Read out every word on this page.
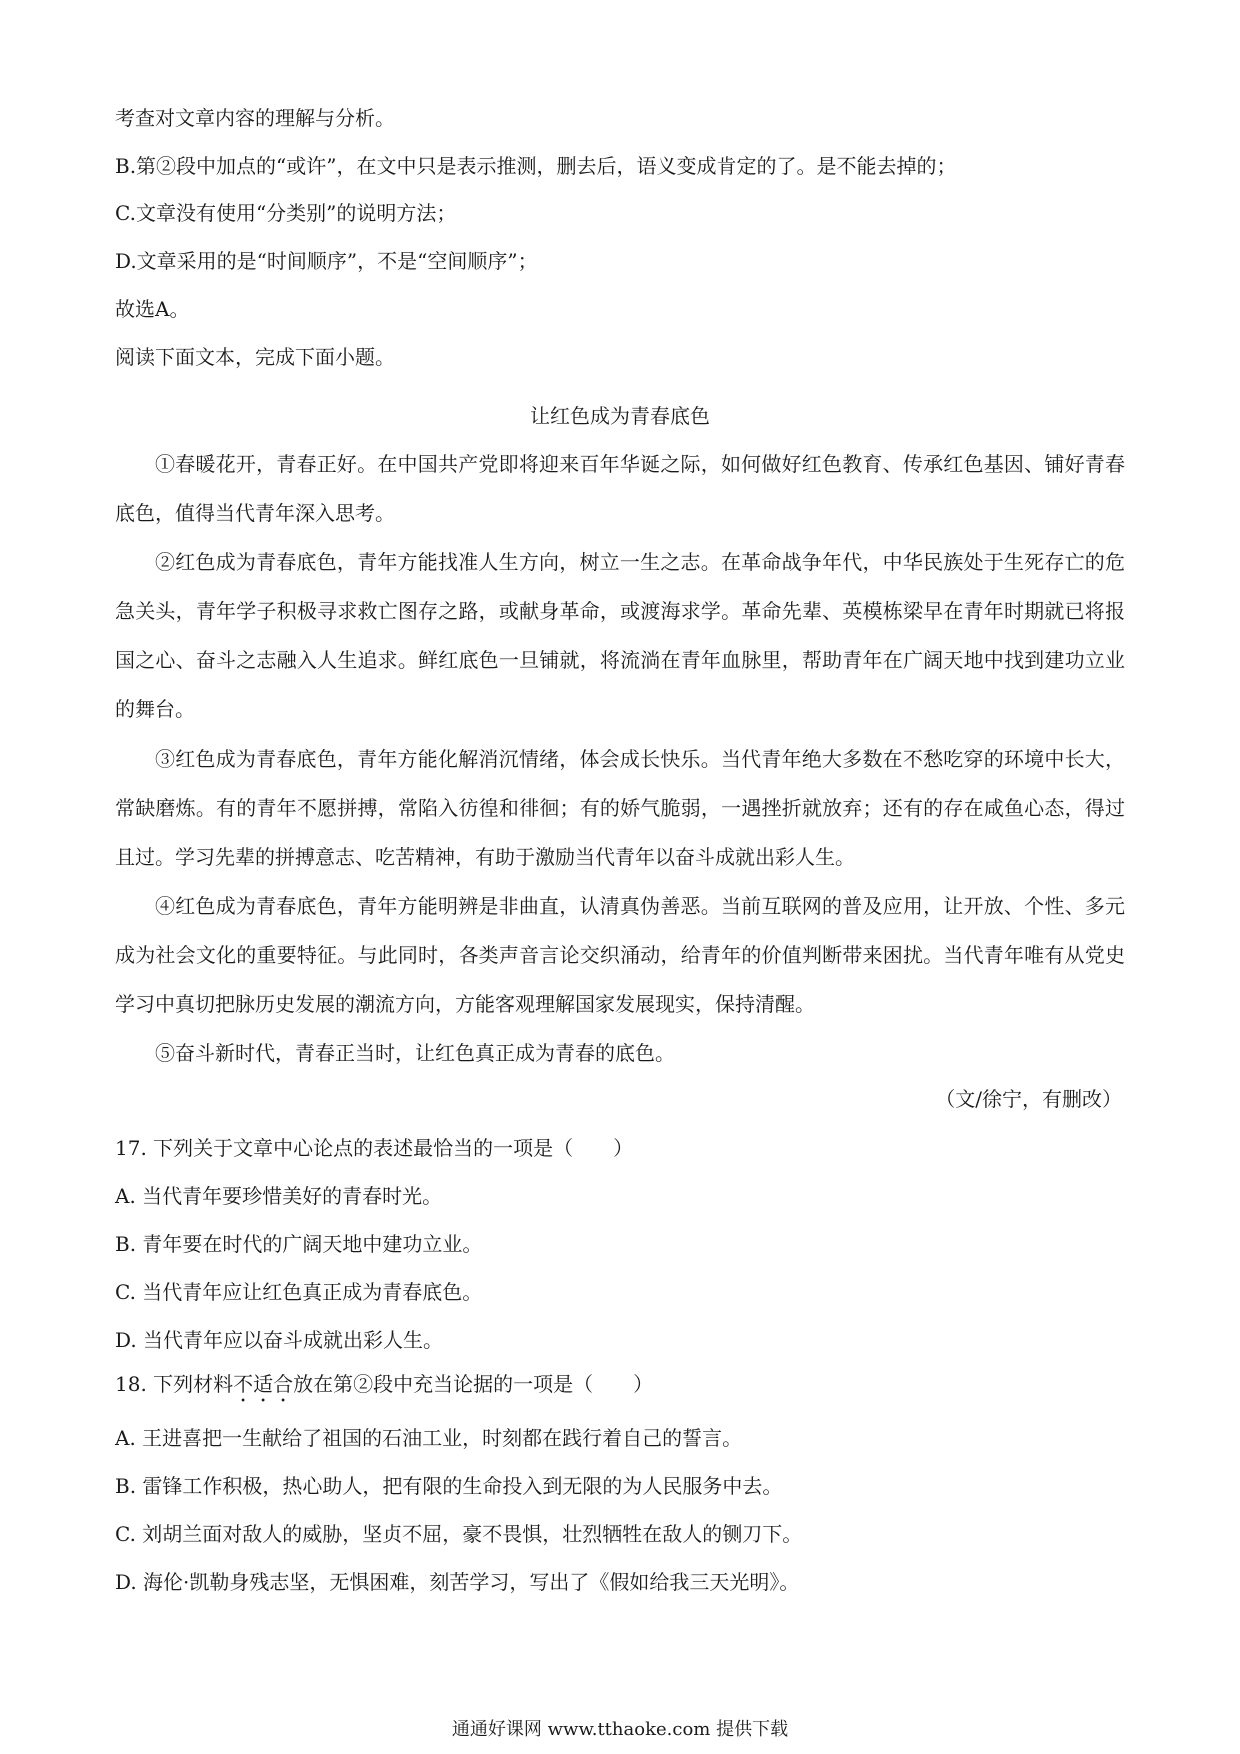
考查对文章内容的理解与分析。
B.第②段中加点的“或许”，在文中只是表示推测，删去后，语义变成肯定的了。是不能去掉的；
C.文章没有使用“分类别”的说明方法；
D.文章采用的是“时间顺序”，不是“空间顺序”；
故选A。
阅读下面文本，完成下面小题。
让红色成为青春底色

①春暖花开，青春正好。在中国共产党即将迎来百年华诞之际，如何做好红色教育、传承红色基因、铺好青春底色，值得当代青年深入思考。

②红色成为青春底色，青年方能找准人生方向，树立一生之志。在革命战争年代，中华民族处于生死存亡的危急关头，青年学子积极寻求救亡图存之路，或献身革命，或渡海求学。革命先辈、英模栋梁早在青年时期就已将报国之心、奋斗之志融入人生追求。鲜红底色一旦铺就，将流淌在青年血脉里，帮助青年在广阔天地中找到建功立业的舞台。

③红色成为青春底色，青年方能化解消沉情绪，体会成长快乐。当代青年绝大多数在不愁吃穿的环境中长大，常缺磨炼。有的青年不愿拼搏，常陷入彷徨和徘徊；有的娇气脆弱，一遇挫折就放弃；还有的存在咸鱼心态，得过且过。学习先辈的拼搏意志、吃苦精神，有助于激励当代青年以奋斗成就出彩人生。

④红色成为青春底色，青年方能明辨是非曲直，认清真伪善恶。当前互联网的普及应用，让开放、个性、多元成为社会文化的重要特征。与此同时，各类声音言论交织涌动，给青年的价值判断带来困扰。当代青年唯有从党史学习中真切把脉历史发展的潮流方向，方能客观理解国家发展现实，保持清醒。

⑤奋斗新时代，青春正当时，让红色真正成为青春的底色。

（文/徐宁，有删改）
17. 下列关于文章中心论点的表述最恰当的一项是（　　）
A. 当代青年要珍惜美好的青春时光。
B. 青年要在时代的广阔天地中建功立业。
C. 当代青年应让红色真正成为青春底色。
D. 当代青年应以奋斗成就出彩人生。
18. 下列材料不适合放在第②段中充当论据的一项是（　　）
A. 王进喜把一生献给了祖国的石油工业，时刻都在践行着自己的誓言。
B. 雷锋工作积极，热心助人，把有限的生命投入到无限的为人民服务中去。
C. 刘胡兰面对敌人的威胁，坚贞不屈，豪不畏惧，壮烈牺牲在敌人的铡刀下。
D. 海伦·凯勒身残志坚，无惧困难，刻苦学习，写出了《假如给我三天光明》。
通通好课网 www.tthaoke.com 提供下载
